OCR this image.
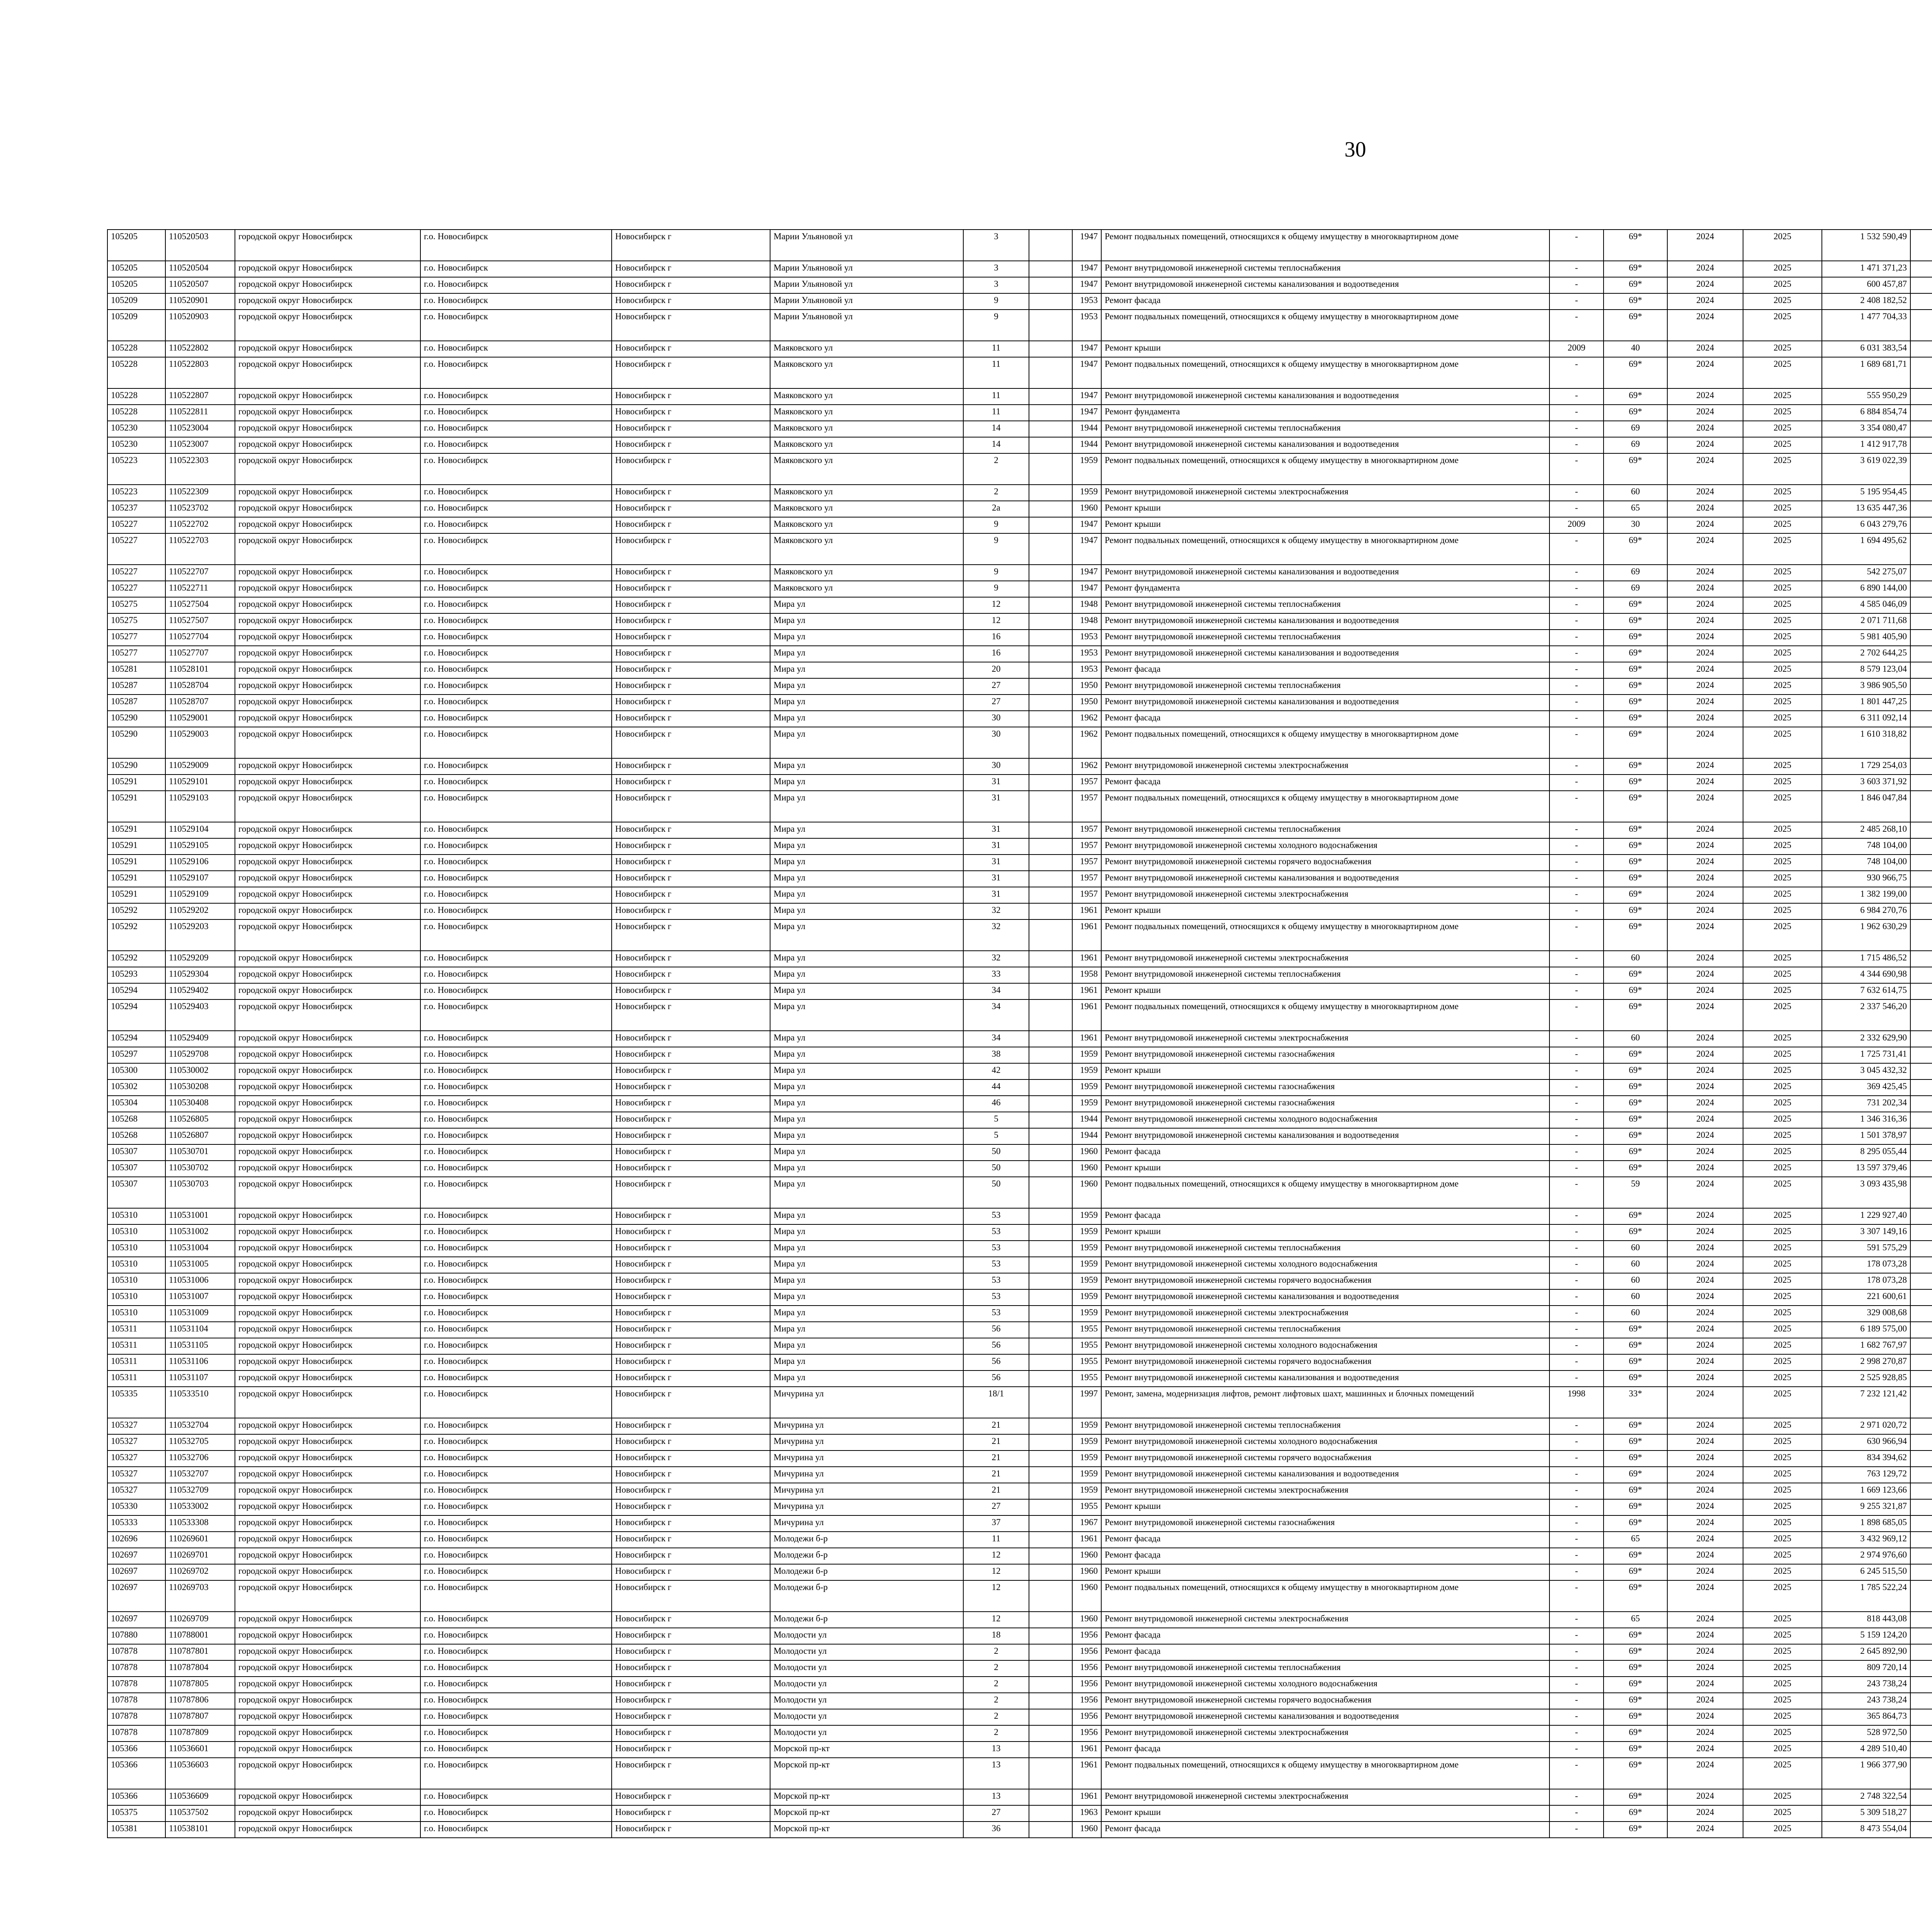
30
105205	110520503	городской округ Новосибирск	г.о. Новосибирск	Новосибирск г	Марии Ульяновой ул	3		1947	Ремонт подвальных помещений, относящихся к общему имуществу в многоквартирном доме	-	69*	2024	2025	1 532 590,49							
105205	110520504	городской округ Новосибирск	г.о. Новосибирск	Новосибирск г	Марии Ульяновой ул	3		1947	Ремонт внутридомовой инженерной системы теплоснабжения	-	69*	2024	2025	1 471 371,23							
105205	110520507	городской округ Новосибирск	г.о. Новосибирск	Новосибирск г	Марии Ульяновой ул	3		1947	Ремонт внутридомовой инженерной системы канализования и водоотведения	-	69*	2024	2025	600 457,87							
105209	110520901	городской округ Новосибирск	г.о. Новосибирск	Новосибирск г	Марии Ульяновой ул	9		1953	Ремонт фасада	-	69*	2024	2025	2 408 182,52							
105209	110520903	городской округ Новосибирск	г.о. Новосибирск	Новосибирск г	Марии Ульяновой ул	9		1953	Ремонт подвальных помещений, относящихся к общему имуществу в многоквартирном доме	-	69*	2024	2025	1 477 704,33							
105228	110522802	городской округ Новосибирск	г.о. Новосибирск	Новосибирск г	Маяковского ул	11		1947	Ремонт крыши	2009	40	2024	2025	6 031 383,54							
105228	110522803	городской округ Новосибирск	г.о. Новосибирск	Новосибирск г	Маяковского ул	11		1947	Ремонт подвальных помещений, относящихся к общему имуществу в многоквартирном доме	-	69*	2024	2025	1 689 681,71							
105228	110522807	городской округ Новосибирск	г.о. Новосибирск	Новосибирск г	Маяковского ул	11		1947	Ремонт внутридомовой инженерной системы канализования и водоотведения	-	69*	2024	2025	555 950,29							
105228	110522811	городской округ Новосибирск	г.о. Новосибирск	Новосибирск г	Маяковского ул	11		1947	Ремонт фундамента	-	69*	2024	2025	6 884 854,74							
105230	110523004	городской округ Новосибирск	г.о. Новосибирск	Новосибирск г	Маяковского ул	14		1944	Ремонт внутридомовой инженерной системы теплоснабжения	-	69	2024	2025	3 354 080,47							
105230	110523007	городской округ Новосибирск	г.о. Новосибирск	Новосибирск г	Маяковского ул	14		1944	Ремонт внутридомовой инженерной системы канализования и водоотведения	-	69	2024	2025	1 412 917,78							
105223	110522303	городской округ Новосибирск	г.о. Новосибирск	Новосибирск г	Маяковского ул	2		1959	Ремонт подвальных помещений, относящихся к общему имуществу в многоквартирном доме	-	69*	2024	2025	3 619 022,39							
105223	110522309	городской округ Новосибирск	г.о. Новосибирск	Новосибирск г	Маяковского ул	2		1959	Ремонт внутридомовой инженерной системы электроснабжения	-	60	2024	2025	5 195 954,45							
105237	110523702	городской округ Новосибирск	г.о. Новосибирск	Новосибирск г	Маяковского ул	2а		1960	Ремонт крыши	-	65	2024	2025	13 635 447,36							
105227	110522702	городской округ Новосибирск	г.о. Новосибирск	Новосибирск г	Маяковского ул	9		1947	Ремонт крыши	2009	30	2024	2025	6 043 279,76							
105227	110522703	городской округ Новосибирск	г.о. Новосибирск	Новосибирск г	Маяковского ул	9		1947	Ремонт подвальных помещений, относящихся к общему имуществу в многоквартирном доме	-	69*	2024	2025	1 694 495,62							
105227	110522707	городской округ Новосибирск	г.о. Новосибирск	Новосибирск г	Маяковского ул	9		1947	Ремонт внутридомовой инженерной системы канализования и водоотведения	-	69	2024	2025	542 275,07							
105227	110522711	городской округ Новосибирск	г.о. Новосибирск	Новосибирск г	Маяковского ул	9		1947	Ремонт фундамента	-	69	2024	2025	6 890 144,00							
105275	110527504	городской округ Новосибирск	г.о. Новосибирск	Новосибирск г	Мира ул	12		1948	Ремонт внутридомовой инженерной системы теплоснабжения	-	69*	2024	2025	4 585 046,09							
105275	110527507	городской округ Новосибирск	г.о. Новосибирск	Новосибирск г	Мира ул	12		1948	Ремонт внутридомовой инженерной системы канализования и водоотведения	-	69*	2024	2025	2 071 711,68							
105277	110527704	городской округ Новосибирск	г.о. Новосибирск	Новосибирск г	Мира ул	16		1953	Ремонт внутридомовой инженерной системы теплоснабжения	-	69*	2024	2025	5 981 405,90							
105277	110527707	городской округ Новосибирск	г.о. Новосибирск	Новосибирск г	Мира ул	16		1953	Ремонт внутридомовой инженерной системы канализования и водоотведения	-	69*	2024	2025	2 702 644,25							
105281	110528101	городской округ Новосибирск	г.о. Новосибирск	Новосибирск г	Мира ул	20		1953	Ремонт фасада	-	69*	2024	2025	8 579 123,04							
105287	110528704	городской округ Новосибирск	г.о. Новосибирск	Новосибирск г	Мира ул	27		1950	Ремонт внутридомовой инженерной системы теплоснабжения	-	69*	2024	2025	3 986 905,50							
105287	110528707	городской округ Новосибирск	г.о. Новосибирск	Новосибирск г	Мира ул	27		1950	Ремонт внутридомовой инженерной системы канализования и водоотведения	-	69*	2024	2025	1 801 447,25							
105290	110529001	городской округ Новосибирск	г.о. Новосибирск	Новосибирск г	Мира ул	30		1962	Ремонт фасада	-	69*	2024	2025	6 311 092,14							
105290	110529003	городской округ Новосибирск	г.о. Новосибирск	Новосибирск г	Мира ул	30		1962	Ремонт подвальных помещений, относящихся к общему имуществу в многоквартирном доме	-	69*	2024	2025	1 610 318,82							
105290	110529009	городской округ Новосибирск	г.о. Новосибирск	Новосибирск г	Мира ул	30		1962	Ремонт внутридомовой инженерной системы электроснабжения	-	69*	2024	2025	1 729 254,03							
105291	110529101	городской округ Новосибирск	г.о. Новосибирск	Новосибирск г	Мира ул	31		1957	Ремонт фасада	-	69*	2024	2025	3 603 371,92							
105291	110529103	городской округ Новосибирск	г.о. Новосибирск	Новосибирск г	Мира ул	31		1957	Ремонт подвальных помещений, относящихся к общему имуществу в многоквартирном доме	-	69*	2024	2025	1 846 047,84							
105291	110529104	городской округ Новосибирск	г.о. Новосибирск	Новосибирск г	Мира ул	31		1957	Ремонт внутридомовой инженерной системы теплоснабжения	-	69*	2024	2025	2 485 268,10							
105291	110529105	городской округ Новосибирск	г.о. Новосибирск	Новосибирск г	Мира ул	31		1957	Ремонт внутридомовой инженерной системы холодного водоснабжения	-	69*	2024	2025	748 104,00							
105291	110529106	городской округ Новосибирск	г.о. Новосибирск	Новосибирск г	Мира ул	31		1957	Ремонт внутридомовой инженерной системы горячего водоснабжения	-	69*	2024	2025	748 104,00							
105291	110529107	городской округ Новосибирск	г.о. Новосибирск	Новосибирск г	Мира ул	31		1957	Ремонт внутридомовой инженерной системы канализования и водоотведения	-	69*	2024	2025	930 966,75							
105291	110529109	городской округ Новосибирск	г.о. Новосибирск	Новосибирск г	Мира ул	31		1957	Ремонт внутридомовой инженерной системы электроснабжения	-	69*	2024	2025	1 382 199,00							
105292	110529202	городской округ Новосибирск	г.о. Новосибирск	Новосибирск г	Мира ул	32		1961	Ремонт крыши	-	69*	2024	2025	6 984 270,76							
105292	110529203	городской округ Новосибирск	г.о. Новосибирск	Новосибирск г	Мира ул	32		1961	Ремонт подвальных помещений, относящихся к общему имуществу в многоквартирном доме	-	69*	2024	2025	1 962 630,29							
105292	110529209	городской округ Новосибирск	г.о. Новосибирск	Новосибирск г	Мира ул	32		1961	Ремонт внутридомовой инженерной системы электроснабжения	-	60	2024	2025	1 715 486,52							
105293	110529304	городской округ Новосибирск	г.о. Новосибирск	Новосибирск г	Мира ул	33		1958	Ремонт внутридомовой инженерной системы теплоснабжения	-	69*	2024	2025	4 344 690,98							
105294	110529402	городской округ Новосибирск	г.о. Новосибирск	Новосибирск г	Мира ул	34		1961	Ремонт крыши	-	69*	2024	2025	7 632 614,75							
105294	110529403	городской округ Новосибирск	г.о. Новосибирск	Новосибирск г	Мира ул	34		1961	Ремонт подвальных помещений, относящихся к общему имуществу в многоквартирном доме	-	69*	2024	2025	2 337 546,20							
105294	110529409	городской округ Новосибирск	г.о. Новосибирск	Новосибирск г	Мира ул	34		1961	Ремонт внутридомовой инженерной системы электроснабжения	-	60	2024	2025	2 332 629,90							
105297	110529708	городской округ Новосибирск	г.о. Новосибирск	Новосибирск г	Мира ул	38		1959	Ремонт внутридомовой инженерной системы газоснабжения	-	69*	2024	2025	1 725 731,41							
105300	110530002	городской округ Новосибирск	г.о. Новосибирск	Новосибирск г	Мира ул	42		1959	Ремонт крыши	-	69*	2024	2025	3 045 432,32							
105302	110530208	городской округ Новосибирск	г.о. Новосибирск	Новосибирск г	Мира ул	44		1959	Ремонт внутридомовой инженерной системы газоснабжения	-	69*	2024	2025	369 425,45							
105304	110530408	городской округ Новосибирск	г.о. Новосибирск	Новосибирск г	Мира ул	46		1959	Ремонт внутридомовой инженерной системы газоснабжения	-	69*	2024	2025	731 202,34							
105268	110526805	городской округ Новосибирск	г.о. Новосибирск	Новосибирск г	Мира ул	5		1944	Ремонт внутридомовой инженерной системы холодного водоснабжения	-	69*	2024	2025	1 346 316,36							
105268	110526807	городской округ Новосибирск	г.о. Новосибирск	Новосибирск г	Мира ул	5		1944	Ремонт внутридомовой инженерной системы канализования и водоотведения	-	69*	2024	2025	1 501 378,97							
105307	110530701	городской округ Новосибирск	г.о. Новосибирск	Новосибирск г	Мира ул	50		1960	Ремонт фасада	-	69*	2024	2025	8 295 055,44							
105307	110530702	городской округ Новосибирск	г.о. Новосибирск	Новосибирск г	Мира ул	50		1960	Ремонт крыши	-	69*	2024	2025	13 597 379,46							
105307	110530703	городской округ Новосибирск	г.о. Новосибирск	Новосибирск г	Мира ул	50		1960	Ремонт подвальных помещений, относящихся к общему имуществу в многоквартирном доме	-	59	2024	2025	3 093 435,98							
105310	110531001	городской округ Новосибирск	г.о. Новосибирск	Новосибирск г	Мира ул	53		1959	Ремонт фасада	-	69*	2024	2025	1 229 927,40							
105310	110531002	городской округ Новосибирск	г.о. Новосибирск	Новосибирск г	Мира ул	53		1959	Ремонт крыши	-	69*	2024	2025	3 307 149,16							
105310	110531004	городской округ Новосибирск	г.о. Новосибирск	Новосибирск г	Мира ул	53		1959	Ремонт внутридомовой инженерной системы теплоснабжения	-	60	2024	2025	591 575,29							
105310	110531005	городской округ Новосибирск	г.о. Новосибирск	Новосибирск г	Мира ул	53		1959	Ремонт внутридомовой инженерной системы холодного водоснабжения	-	60	2024	2025	178 073,28							
105310	110531006	городской округ Новосибирск	г.о. Новосибирск	Новосибирск г	Мира ул	53		1959	Ремонт внутридомовой инженерной системы горячего водоснабжения	-	60	2024	2025	178 073,28							
105310	110531007	городской округ Новосибирск	г.о. Новосибирск	Новосибирск г	Мира ул	53		1959	Ремонт внутридомовой инженерной системы канализования и водоотведения	-	60	2024	2025	221 600,61							
105310	110531009	городской округ Новосибирск	г.о. Новосибирск	Новосибирск г	Мира ул	53		1959	Ремонт внутридомовой инженерной системы электроснабжения	-	60	2024	2025	329 008,68							
105311	110531104	городской округ Новосибирск	г.о. Новосибирск	Новосибирск г	Мира ул	56		1955	Ремонт внутридомовой инженерной системы теплоснабжения	-	69*	2024	2025	6 189 575,00							
105311	110531105	городской округ Новосибирск	г.о. Новосибирск	Новосибирск г	Мира ул	56		1955	Ремонт внутридомовой инженерной системы холодного водоснабжения	-	69*	2024	2025	1 682 767,97							
105311	110531106	городской округ Новосибирск	г.о. Новосибирск	Новосибирск г	Мира ул	56		1955	Ремонт внутридомовой инженерной системы горячего водоснабжения	-	69*	2024	2025	2 998 270,87							
105311	110531107	городской округ Новосибирск	г.о. Новосибирск	Новосибирск г	Мира ул	56		1955	Ремонт внутридомовой инженерной системы канализования и водоотведения	-	69*	2024	2025	2 525 928,85							
105335	110533510	городской округ Новосибирск	г.о. Новосибирск	Новосибирск г	Мичурина ул	18/1		1997	Ремонт, замена, модернизация лифтов, ремонт лифтовых шахт, машинных и блочных помещений	1998	33*	2024	2025	7 232 121,42							
105327	110532704	городской округ Новосибирск	г.о. Новосибирск	Новосибирск г	Мичурина ул	21		1959	Ремонт внутридомовой инженерной системы теплоснабжения	-	69*	2024	2025	2 971 020,72							
105327	110532705	городской округ Новосибирск	г.о. Новосибирск	Новосибирск г	Мичурина ул	21		1959	Ремонт внутридомовой инженерной системы холодного водоснабжения	-	69*	2024	2025	630 966,94							
105327	110532706	городской округ Новосибирск	г.о. Новосибирск	Новосибирск г	Мичурина ул	21		1959	Ремонт внутридомовой инженерной системы горячего водоснабжения	-	69*	2024	2025	834 394,62							
105327	110532707	городской округ Новосибирск	г.о. Новосибирск	Новосибирск г	Мичурина ул	21		1959	Ремонт внутридомовой инженерной системы канализования и водоотведения	-	69*	2024	2025	763 129,72							
105327	110532709	городской округ Новосибирск	г.о. Новосибирск	Новосибирск г	Мичурина ул	21		1959	Ремонт внутридомовой инженерной системы электроснабжения	-	69*	2024	2025	1 669 123,66							
105330	110533002	городской округ Новосибирск	г.о. Новосибирск	Новосибирск г	Мичурина ул	27		1955	Ремонт крыши	-	69*	2024	2025	9 255 321,87							
105333	110533308	городской округ Новосибирск	г.о. Новосибирск	Новосибирск г	Мичурина ул	37		1967	Ремонт внутридомовой инженерной системы газоснабжения	-	69*	2024	2025	1 898 685,05							
102696	110269601	городской округ Новосибирск	г.о. Новосибирск	Новосибирск г	Молодежи б-р	11		1961	Ремонт фасада	-	65	2024	2025	3 432 969,12							
102697	110269701	городской округ Новосибирск	г.о. Новосибирск	Новосибирск г	Молодежи б-р	12		1960	Ремонт фасада	-	69*	2024	2025	2 974 976,60							
102697	110269702	городской округ Новосибирск	г.о. Новосибирск	Новосибирск г	Молодежи б-р	12		1960	Ремонт крыши	-	69*	2024	2025	6 245 515,50							
102697	110269703	городской округ Новосибирск	г.о. Новосибирск	Новосибирск г	Молодежи б-р	12		1960	Ремонт подвальных помещений, относящихся к общему имуществу в многоквартирном доме	-	69*	2024	2025	1 785 522,24							
102697	110269709	городской округ Новосибирск	г.о. Новосибирск	Новосибирск г	Молодежи б-р	12		1960	Ремонт внутридомовой инженерной системы электроснабжения	-	65	2024	2025	818 443,08							
107880	110788001	городской округ Новосибирск	г.о. Новосибирск	Новосибирск г	Молодости ул	18		1956	Ремонт фасада	-	69*	2024	2025	5 159 124,20							
107878	110787801	городской округ Новосибирск	г.о. Новосибирск	Новосибирск г	Молодости ул	2		1956	Ремонт фасада	-	69*	2024	2025	2 645 892,90							
107878	110787804	городской округ Новосибирск	г.о. Новосибирск	Новосибирск г	Молодости ул	2		1956	Ремонт внутридомовой инженерной системы теплоснабжения	-	69*	2024	2025	809 720,14							
107878	110787805	городской округ Новосибирск	г.о. Новосибирск	Новосибирск г	Молодости ул	2		1956	Ремонт внутридомовой инженерной системы холодного водоснабжения	-	69*	2024	2025	243 738,24							
107878	110787806	городской округ Новосибирск	г.о. Новосибирск	Новосибирск г	Молодости ул	2		1956	Ремонт внутридомовой инженерной системы горячего водоснабжения	-	69*	2024	2025	243 738,24							
107878	110787807	городской округ Новосибирск	г.о. Новосибирск	Новосибирск г	Молодости ул	2		1956	Ремонт внутридомовой инженерной системы канализования и водоотведения	-	69*	2024	2025	365 864,73							
107878	110787809	городской округ Новосибирск	г.о. Новосибирск	Новосибирск г	Молодости ул	2		1956	Ремонт внутридомовой инженерной системы электроснабжения	-	69*	2024	2025	528 972,50							
105366	110536601	городской округ Новосибирск	г.о. Новосибирск	Новосибирск г	Морской пр-кт	13		1961	Ремонт фасада	-	69*	2024	2025	4 289 510,40							
105366	110536603	городской округ Новосибирск	г.о. Новосибирск	Новосибирск г	Морской пр-кт	13		1961	Ремонт подвальных помещений, относящихся к общему имуществу в многоквартирном доме	-	69*	2024	2025	1 966 377,90							
105366	110536609	городской округ Новосибирск	г.о. Новосибирск	Новосибирск г	Морской пр-кт	13		1961	Ремонт внутридомовой инженерной системы электроснабжения	-	69*	2024	2025	2 748 322,54							
105375	110537502	городской округ Новосибирск	г.о. Новосибирск	Новосибирск г	Морской пр-кт	27		1963	Ремонт крыши	-	69*	2024	2025	5 309 518,27							
105381	110538101	городской округ Новосибирск	г.о. Новосибирск	Новосибирск г	Морской пр-кт	36		1960	Ремонт фасада	-	69*	2024	2025	8 473 554,04							
